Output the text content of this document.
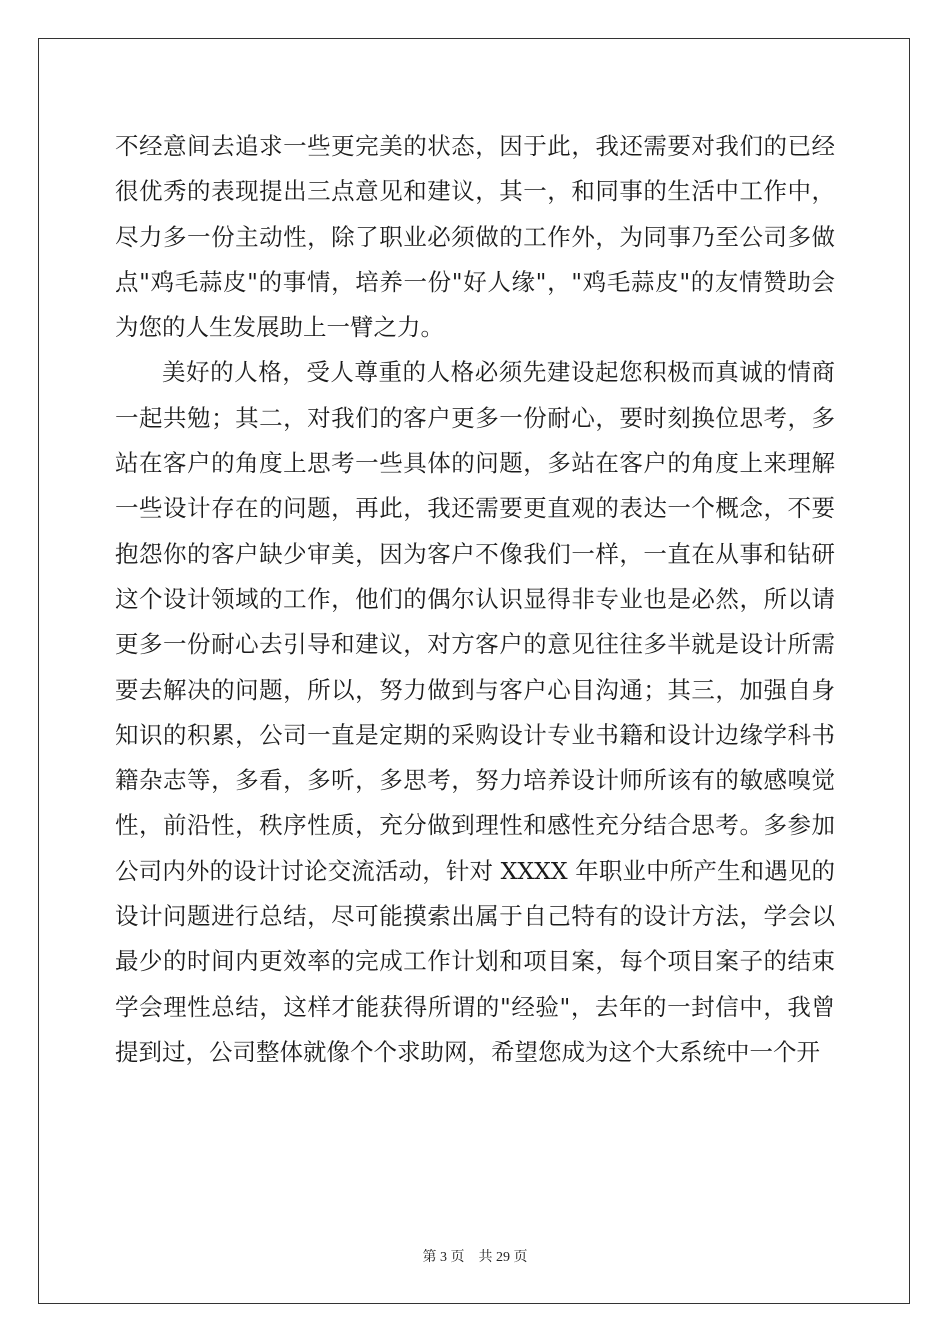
不经意间去追求一些更完美的状态，因于此，我还需要对我们的已经很优秀的表现提出三点意见和建议，其一，和同事的生活中工作中，尽力多一份主动性，除了职业必须做的工作外，为同事乃至公司多做点"鸡毛蒜皮"的事情，培养一份"好人缘"，"鸡毛蒜皮"的友情赞助会为您的人生发展助上一臂之力。

美好的人格，受人尊重的人格必须先建设起您积极而真诚的情商一起共勉；其二，对我们的客户更多一份耐心，要时刻换位思考，多站在客户的角度上思考一些具体的问题，多站在客户的角度上来理解一些设计存在的问题，再此，我还需要更直观的表达一个概念，不要抱怨你的客户缺少审美，因为客户不像我们一样，一直在从事和钻研这个设计领域的工作，他们的偶尔认识显得非专业也是必然，所以请更多一份耐心去引导和建议，对方客户的意见往往多半就是设计所需要去解决的问题，所以，努力做到与客户心目沟通；其三，加强自身知识的积累，公司一直是定期的采购设计专业书籍和设计边缘学科书籍杂志等，多看，多听，多思考，努力培养设计师所该有的敏感嗅觉性，前沿性，秩序性质，充分做到理性和感性充分结合思考。多参加公司内外的设计讨论交流活动，针对 XXXX 年职业中所产生和遇见的设计问题进行总结，尽可能摸索出属于自己特有的设计方法，学会以最少的时间内更效率的完成工作计划和项目案，每个项目案子的结束学会理性总结，这样才能获得所谓的"经验"，去年的一封信中，我曾提到过，公司整体就像个个求助网，希望您成为这个大系统中一个开

第 3 页 共 29 页
